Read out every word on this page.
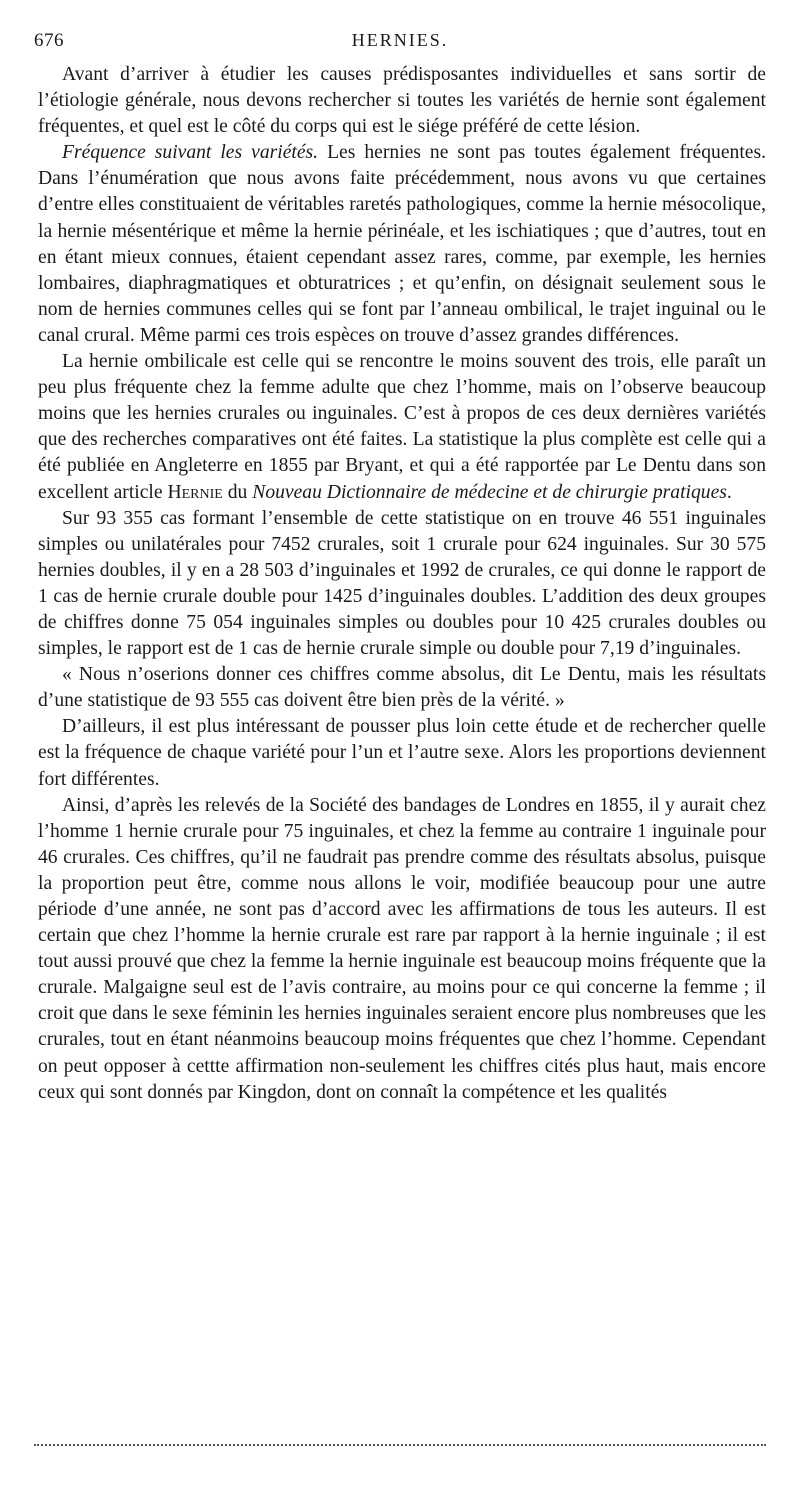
676	HERNIES.

Avant d’arriver à étudier les causes prédisposantes individuelles et sans sortir de l’étiologie générale, nous devons rechercher si toutes les variétés de hernie sont également fréquentes, et quel est le côté du corps qui est le siége préféré de cette lésion.

Fréquence suivant les variétés. Les hernies ne sont pas toutes également fréquentes. Dans l’énumération que nous avons faite précédemment, nous avons vu que certaines d’entre elles constituaient de véritables raretés pathologiques, comme la hernie mésocolique, la hernie mésentérique et même la hernie périnéale, et les ischiatiques ; que d’autres, tout en en étant mieux connues, étaient cependant assez rares, comme, par exemple, les hernies lombaires, diaphragmatiques et obturatrices ; et qu’enfin, on désignait seulement sous le nom de hernies communes celles qui se font par l’anneau ombilical, le trajet inguinal ou le canal crural. Même parmi ces trois espèces on trouve d’assez grandes différences.

La hernie ombilicale est celle qui se rencontre le moins souvent des trois, elle paraît un peu plus fréquente chez la femme adulte que chez l’homme, mais on l’observe beaucoup moins que les hernies crurales ou inguinales. C’est à propos de ces deux dernières variétés que des recherches comparatives ont été faites. La statistique la plus complète est celle qui a été publiée en Angleterre en 1855 par Bryant, et qui a été rapportée par Le Dentu dans son excellent article Hernie du Nouveau Dictionnaire de médecine et de chirurgie pratiques.

Sur 93 355 cas formant l’ensemble de cette statistique on en trouve 46 551 inguinales simples ou unilatérales pour 7452 crurales, soit 1 crurale pour 624 inguinales. Sur 30 575 hernies doubles, il y en a 28 503 d’inguinales et 1992 de crurales, ce qui donne le rapport de 1 cas de hernie crurale double pour 1425 d’inguinales doubles. L’addition des deux groupes de chiffres donne 75 054 inguinales simples ou doubles pour 10 425 crurales doubles ou simples, le rapport est de 1 cas de hernie crurale simple ou double pour 7,19 d’inguinales.

« Nous n’oserions donner ces chiffres comme absolus, dit Le Dentu, mais les résultats d’une statistique de 93 555 cas doivent être bien près de la vérité. »

D’ailleurs, il est plus intéressant de pousser plus loin cette étude et de rechercher quelle est la fréquence de chaque variété pour l’un et l’autre sexe. Alors les proportions deviennent fort différentes.

Ainsi, d’après les relevés de la Société des bandages de Londres en 1855, il y aurait chez l’homme 1 hernie crurale pour 75 inguinales, et chez la femme au contraire 1 inguinale pour 46 crurales. Ces chiffres, qu’il ne faudrait pas prendre comme des résultats absolus, puisque la proportion peut être, comme nous allons le voir, modifiée beaucoup pour une autre période d’une année, ne sont pas d’accord avec les affirmations de tous les auteurs. Il est certain que chez l’homme la hernie crurale est rare par rapport à la hernie inguinale ; il est tout aussi prouvé que chez la femme la hernie inguinale est beaucoup moins fréquente que la crurale. Malgaigne seul est de l’avis contraire, au moins pour ce qui concerne la femme ; il croit que dans le sexe féminin les hernies inguinales seraient encore plus nombreuses que les crurales, tout en étant néanmoins beaucoup moins fréquentes que chez l’homme. Cependant on peut opposer à cettte affirmation non-seulement les chiffres cités plus haut, mais encore ceux qui sont donnés par Kingdon, dont on connaît la compétence et les qualités
